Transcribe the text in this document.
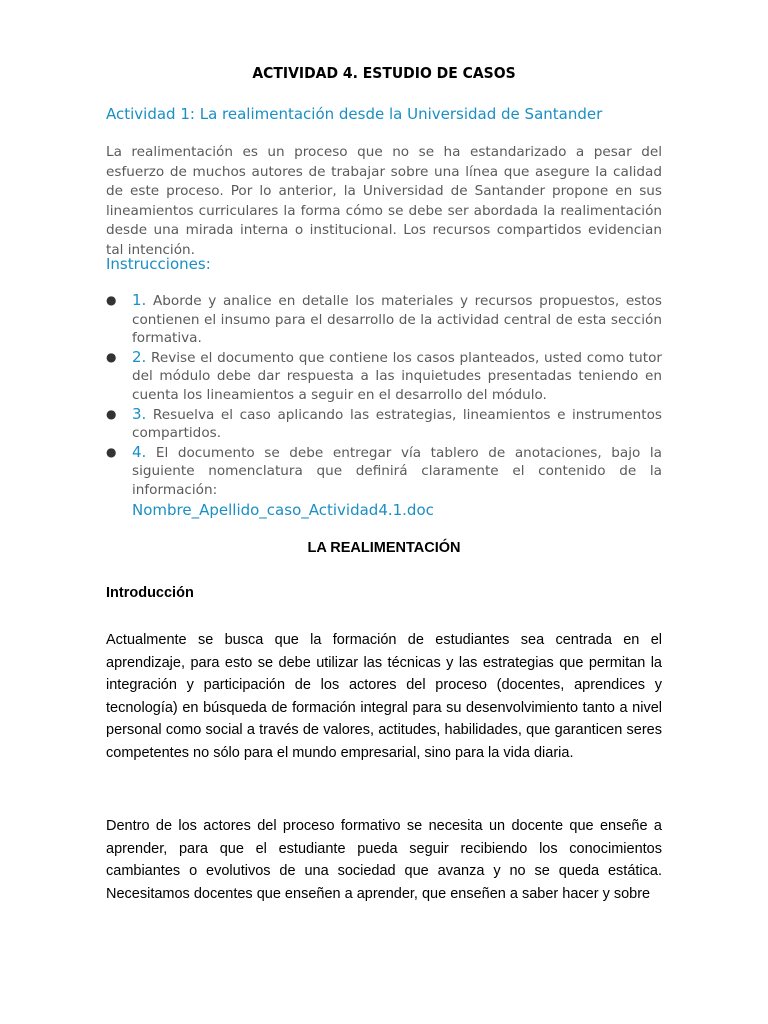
ACTIVIDAD 4. ESTUDIO DE CASOS
Actividad 1: La realimentación desde la Universidad de Santander
La realimentación es un proceso que no se ha estandarizado a pesar del esfuerzo de muchos autores de trabajar sobre una línea que asegure la calidad de este proceso. Por lo anterior, la Universidad de Santander propone en sus lineamientos curriculares la forma cómo se debe ser abordada la realimentación desde una mirada interna o institucional. Los recursos compartidos evidencian tal intención.
Instrucciones:
● 1. Aborde y analice en detalle los materiales y recursos propuestos, estos contienen el insumo para el desarrollo de la actividad central de esta sección formativa.
● 2. Revise el documento que contiene los casos planteados, usted como tutor del módulo debe dar respuesta a las inquietudes presentadas teniendo en cuenta los lineamientos a seguir en el desarrollo del módulo.
● 3. Resuelva el caso aplicando las estrategias, lineamientos e instrumentos compartidos.
● 4. El documento se debe entregar vía tablero de anotaciones, bajo la siguiente nomenclatura que definirá claramente el contenido de la información:
Nombre_Apellido_caso_Actividad4.1.doc
LA REALIMENTACIÓN
Introducción
Actualmente se busca que la formación de estudiantes sea centrada en el aprendizaje, para esto se debe utilizar las técnicas y las estrategias que permitan la integración y participación de los actores del proceso (docentes, aprendices y tecnología) en búsqueda de formación integral para su desenvolvimiento tanto a nivel personal como social a través de valores, actitudes, habilidades, que garanticen seres competentes no sólo para el mundo empresarial, sino para la vida diaria.
Dentro de los actores del proceso formativo se necesita un docente que enseñe a aprender, para que el estudiante pueda seguir recibiendo los conocimientos cambiantes o evolutivos de una sociedad que avanza y no se queda estática. Necesitamos docentes que enseñen a aprender, que enseñen a saber hacer y sobre
